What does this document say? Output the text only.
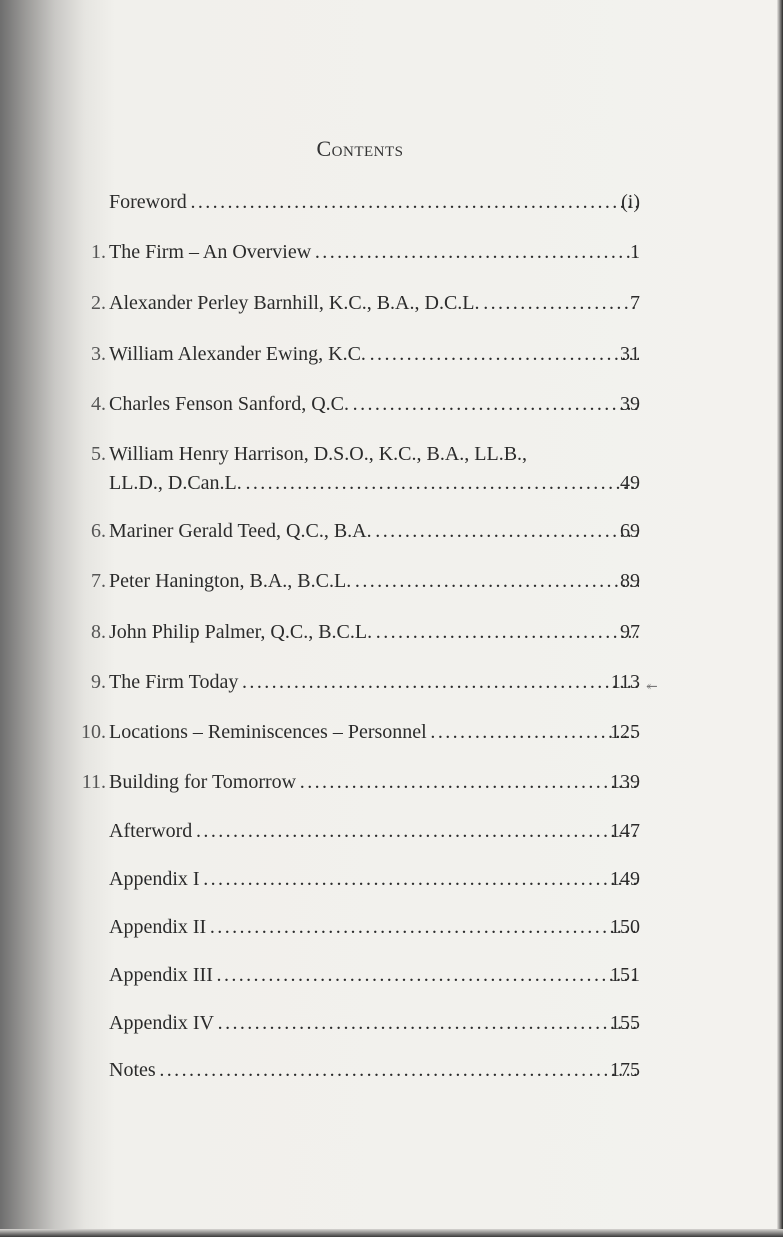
Contents
Foreword . . .	(i)
1. The Firm – An Overview . . .	1
2. Alexander Perley Barnhill, K.C., B.A., D.C.L. . . .	7
3. William Alexander Ewing, K.C. . . .	31
4. Charles Fenson Sanford, Q.C. . . .	39
5. William Henry Harrison, D.S.O., K.C., B.A., LL.B.,
LL.D., D.Can.L. . . .	49
6. Mariner Gerald Teed, Q.C., B.A. . . .	69
7. Peter Hanington, B.A., B.C.L. . . .	89
8. John Philip Palmer, Q.C., B.C.L. . . .	97
9. The Firm Today . . .	113
10. Locations – Reminiscences – Personnel . . .	125
11. Building for Tomorrow . . .	139
Afterword . . .	147
Appendix I . . .	149
Appendix II . . .	150
Appendix III . . .	151
Appendix IV . . .	155
Notes . . .	175
↞
